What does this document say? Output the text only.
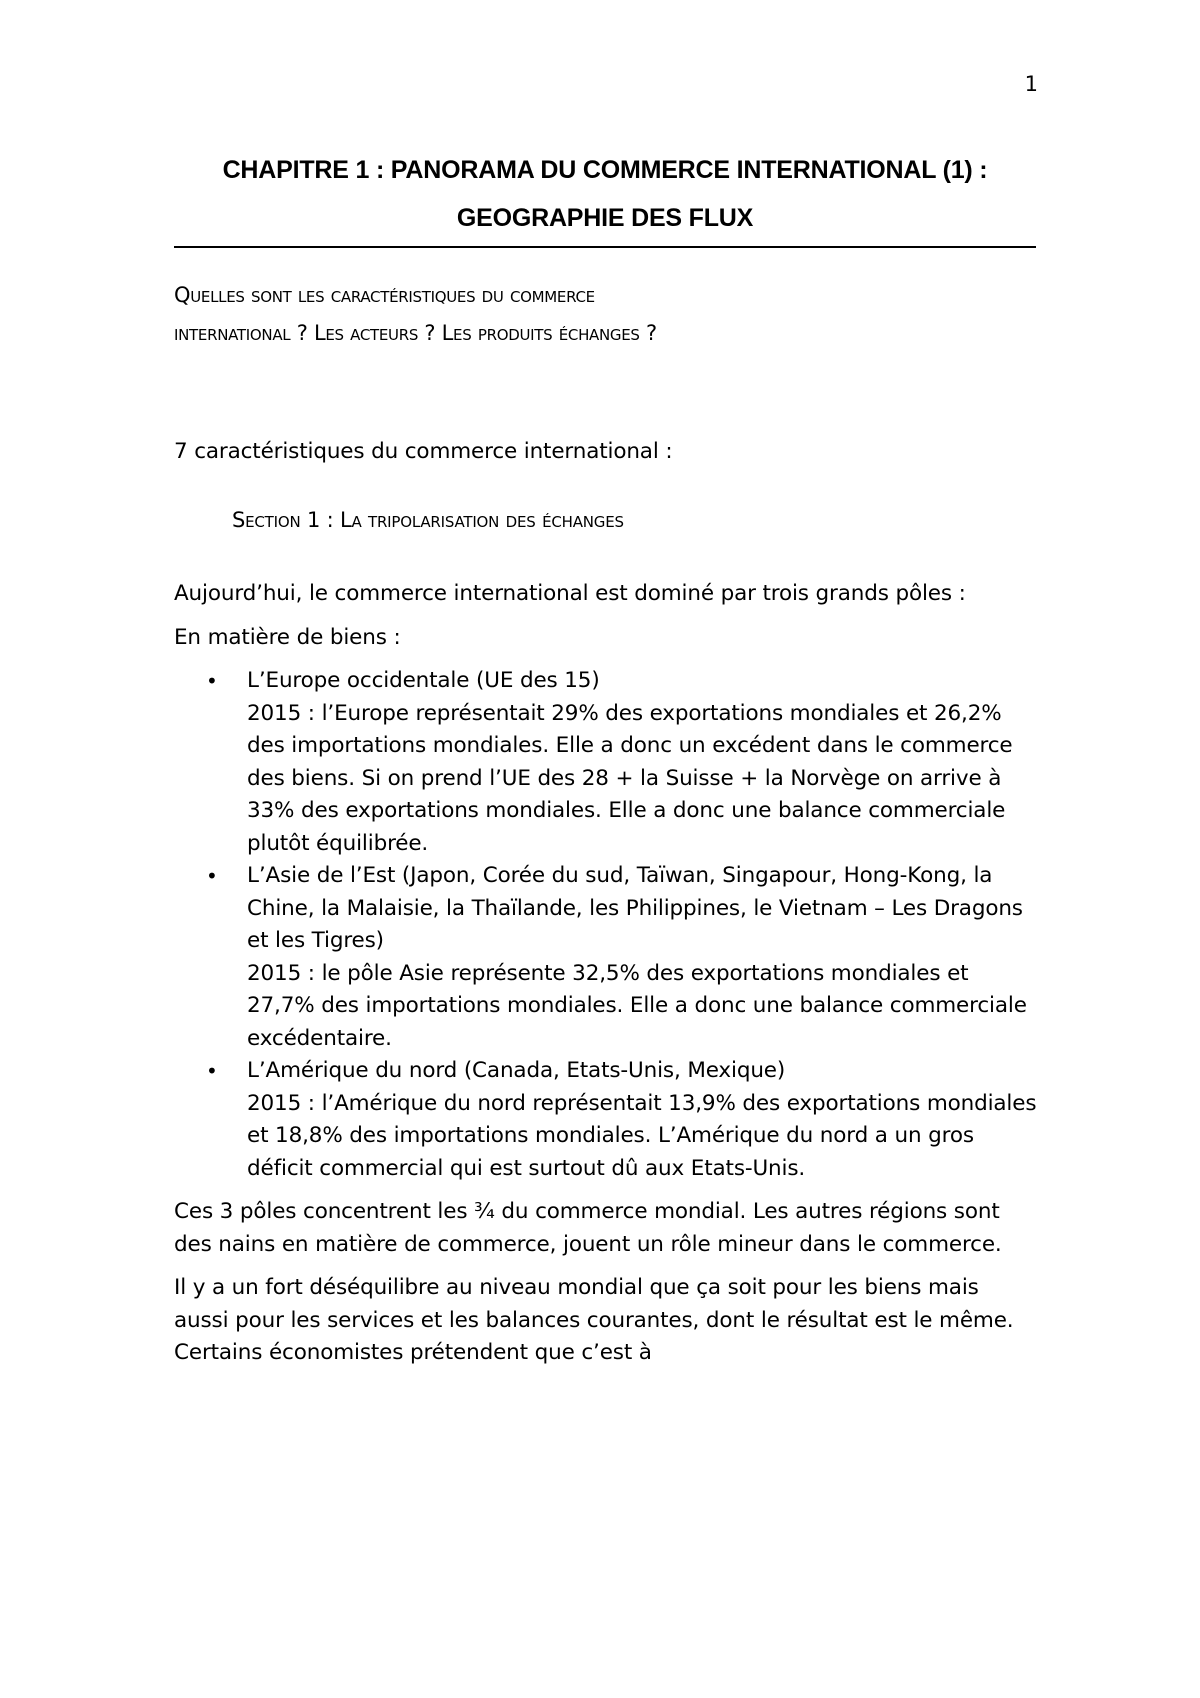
1
CHAPITRE 1 : PANORAMA DU COMMERCE INTERNATIONAL (1) :
GEOGRAPHIE DES FLUX
Quelles sont les caractéristiques du commerce
international ? Les acteurs ? Les produits échanges ?
7 caractéristiques du commerce international :
Section 1 : La tripolarisation des échanges

Aujourd’hui, le commerce international est dominé par trois grands pôles :

En matière de biens :

• L’Europe occidentale (UE des 15)
2015 : l’Europe représentait 29% des exportations mondiales et 26,2% des importations mondiales. Elle a donc un excédent dans le commerce des biens. Si on prend l’UE des 28 + la Suisse + la Norvège on arrive à 33% des exportations mondiales. Elle a donc une balance commerciale plutôt équilibrée.
• L’Asie de l’Est (Japon, Corée du sud, Taïwan, Singapour, Hong-Kong, la Chine, la Malaisie, la Thaïlande, les Philippines, le Vietnam – Les Dragons et les Tigres)
2015 : le pôle Asie représente 32,5% des exportations mondiales et 27,7% des importations mondiales. Elle a donc une balance commerciale excédentaire.
• L’Amérique du nord (Canada, Etats-Unis, Mexique)
2015 : l’Amérique du nord représentait 13,9% des exportations mondiales et 18,8% des importations mondiales. L’Amérique du nord a un gros déficit commercial qui est surtout dû aux Etats-Unis.

Ces 3 pôles concentrent les ¾ du commerce mondial. Les autres régions sont des nains en matière de commerce, jouent un rôle mineur dans le commerce.

Il y a un fort déséquilibre au niveau mondial que ça soit pour les biens mais aussi pour les services et les balances courantes, dont le résultat est le même. Certains économistes prétendent que c’est à
